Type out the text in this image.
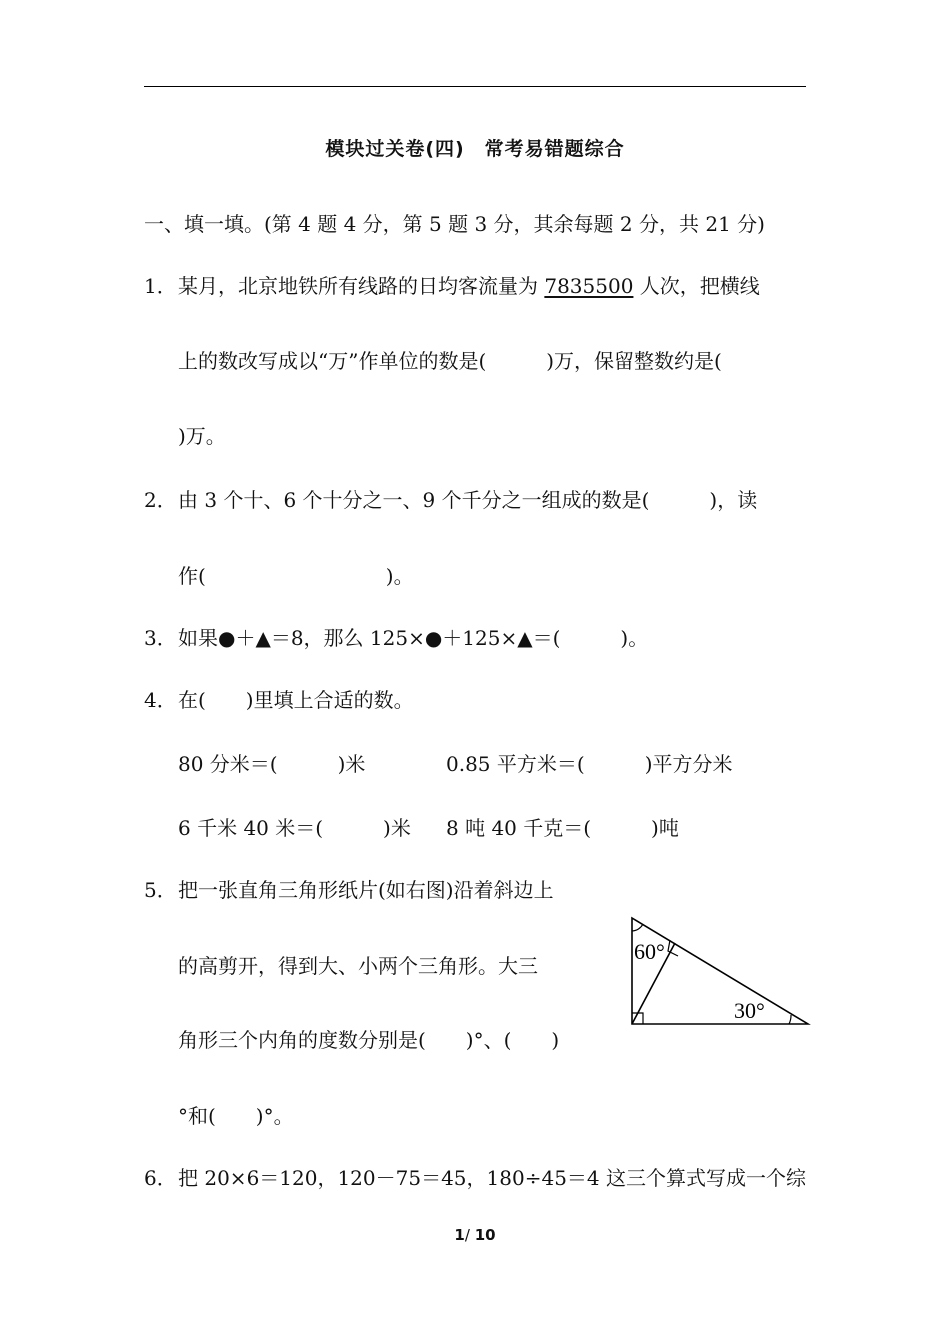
模块过关卷(四)　常考易错题综合
一、填一填。(第 4 题 4 分，第 5 题 3 分，其余每题 2 分，共 21 分)
1． 某月，北京地铁所有线路的日均客流量为 7835500 人次，把横线
上的数改写成以“万”作单位的数是(　　　)万，保留整数约是(
)万。
2． 由 3 个十、6 个十分之一、9 个千分之一组成的数是(　　　)，读
作(　　　　　　　　　)。
3． 如果●＋▲＝8，那么 125×●＋125×▲＝(　　　)。
4． 在(　　)里填上合适的数。
80 分米＝(　　　)米	0.85 平方米＝(　　　)平方分米
6 千米 40 米＝(　　　)米 8 吨 40 千克＝(　　　)吨
5． 把一张直角三角形纸片(如右图)沿着斜边上
的高剪开，得到大、小两个三角形。大三
角形三个内角的度数分别是(　　)°、(　　)
°和(　　)°。
60°
30°
6． 把 20×6＝120，120－75＝45，180÷45＝4 这三个算式写成一个综
1/ 10
